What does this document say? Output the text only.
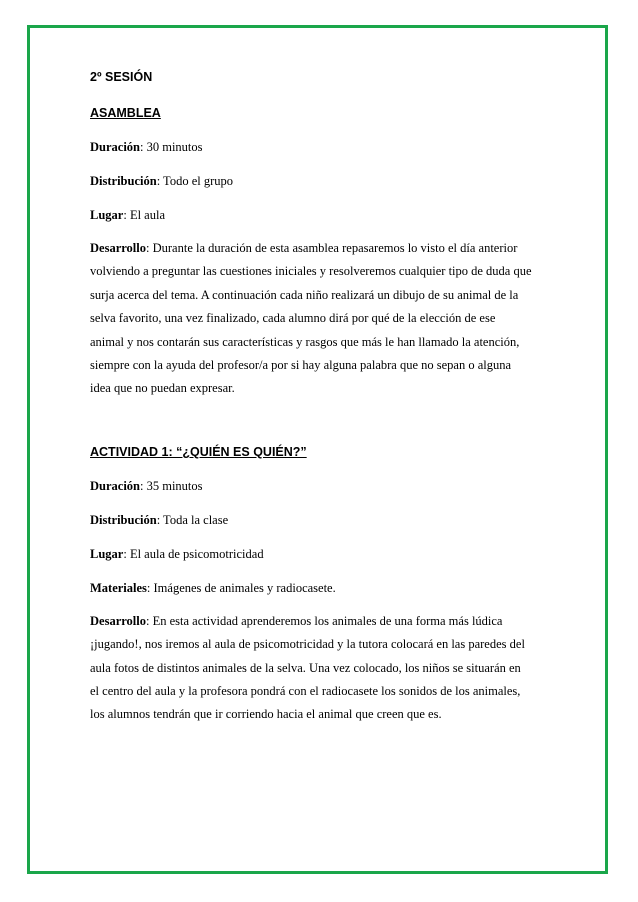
2º SESIÓN
ASAMBLEA
Duración: 30 minutos
Distribución: Todo el grupo
Lugar: El aula
Desarrollo: Durante la duración de esta asamblea repasaremos lo visto el día anterior
volviendo a preguntar las cuestiones iniciales y resolveremos cualquier tipo de duda que
surja acerca del tema. A continuación cada niño realizará un dibujo de su animal de la
selva favorito, una vez finalizado, cada alumno dirá por qué de la elección de ese
animal y nos contarán sus características y rasgos que más le han llamado la atención,
siempre con la ayuda del profesor/a por si hay alguna palabra que no sepan o alguna
idea que no puedan expresar.
ACTIVIDAD 1: “¿QUIÉN ES QUIÉN?”
Duración: 35 minutos
Distribución: Toda la clase
Lugar: El aula de psicomotricidad
Materiales: Imágenes de animales y radiocasete.
Desarrollo: En esta actividad aprenderemos los animales de una forma más lúdica
¡jugando!, nos iremos al aula de psicomotricidad y la tutora colocará en las paredes del
aula fotos de distintos animales de la selva. Una vez colocado, los niños se situarán en
el centro del aula y la profesora pondrá con el radiocasete los sonidos de los animales,
los alumnos tendrán que ir corriendo hacia el animal que creen que es.
